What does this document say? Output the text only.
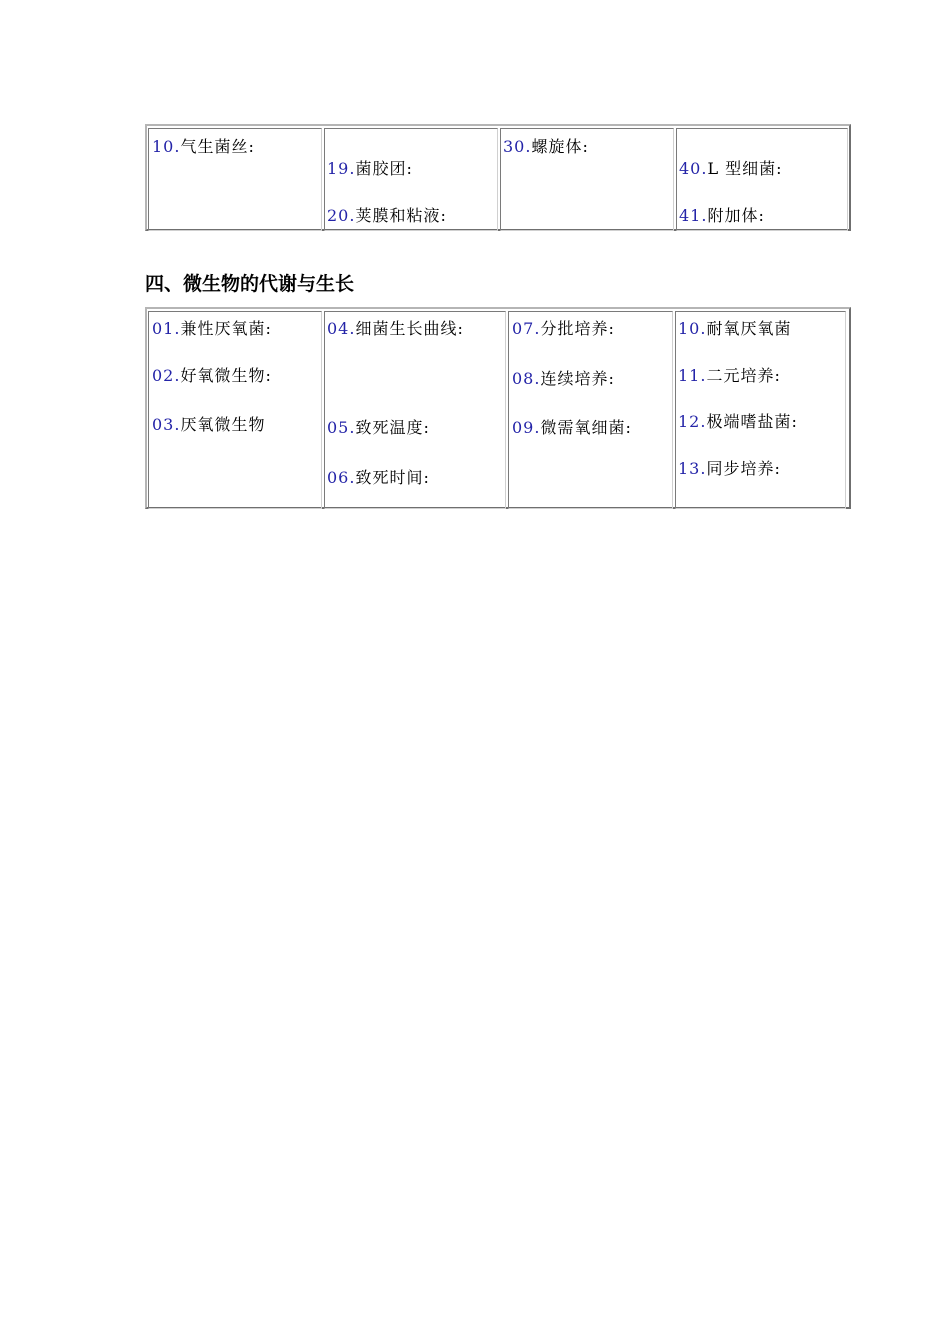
10.气生菌丝:
19.菌胶团:
20.荚膜和粘液:
30.螺旋体:
40.L 型细菌:
41.附加体:
四、微生物的代谢与生长
01.兼性厌氧菌:
02.好氧微生物:
03.厌氧微生物
04.细菌生长曲线:
05.致死温度:
06.致死时间:
07.分批培养:
08.连续培养:
09.微需氧细菌:
10.耐氧厌氧菌
11.二元培养:
12.极端嗜盐菌:
13.同步培养:
